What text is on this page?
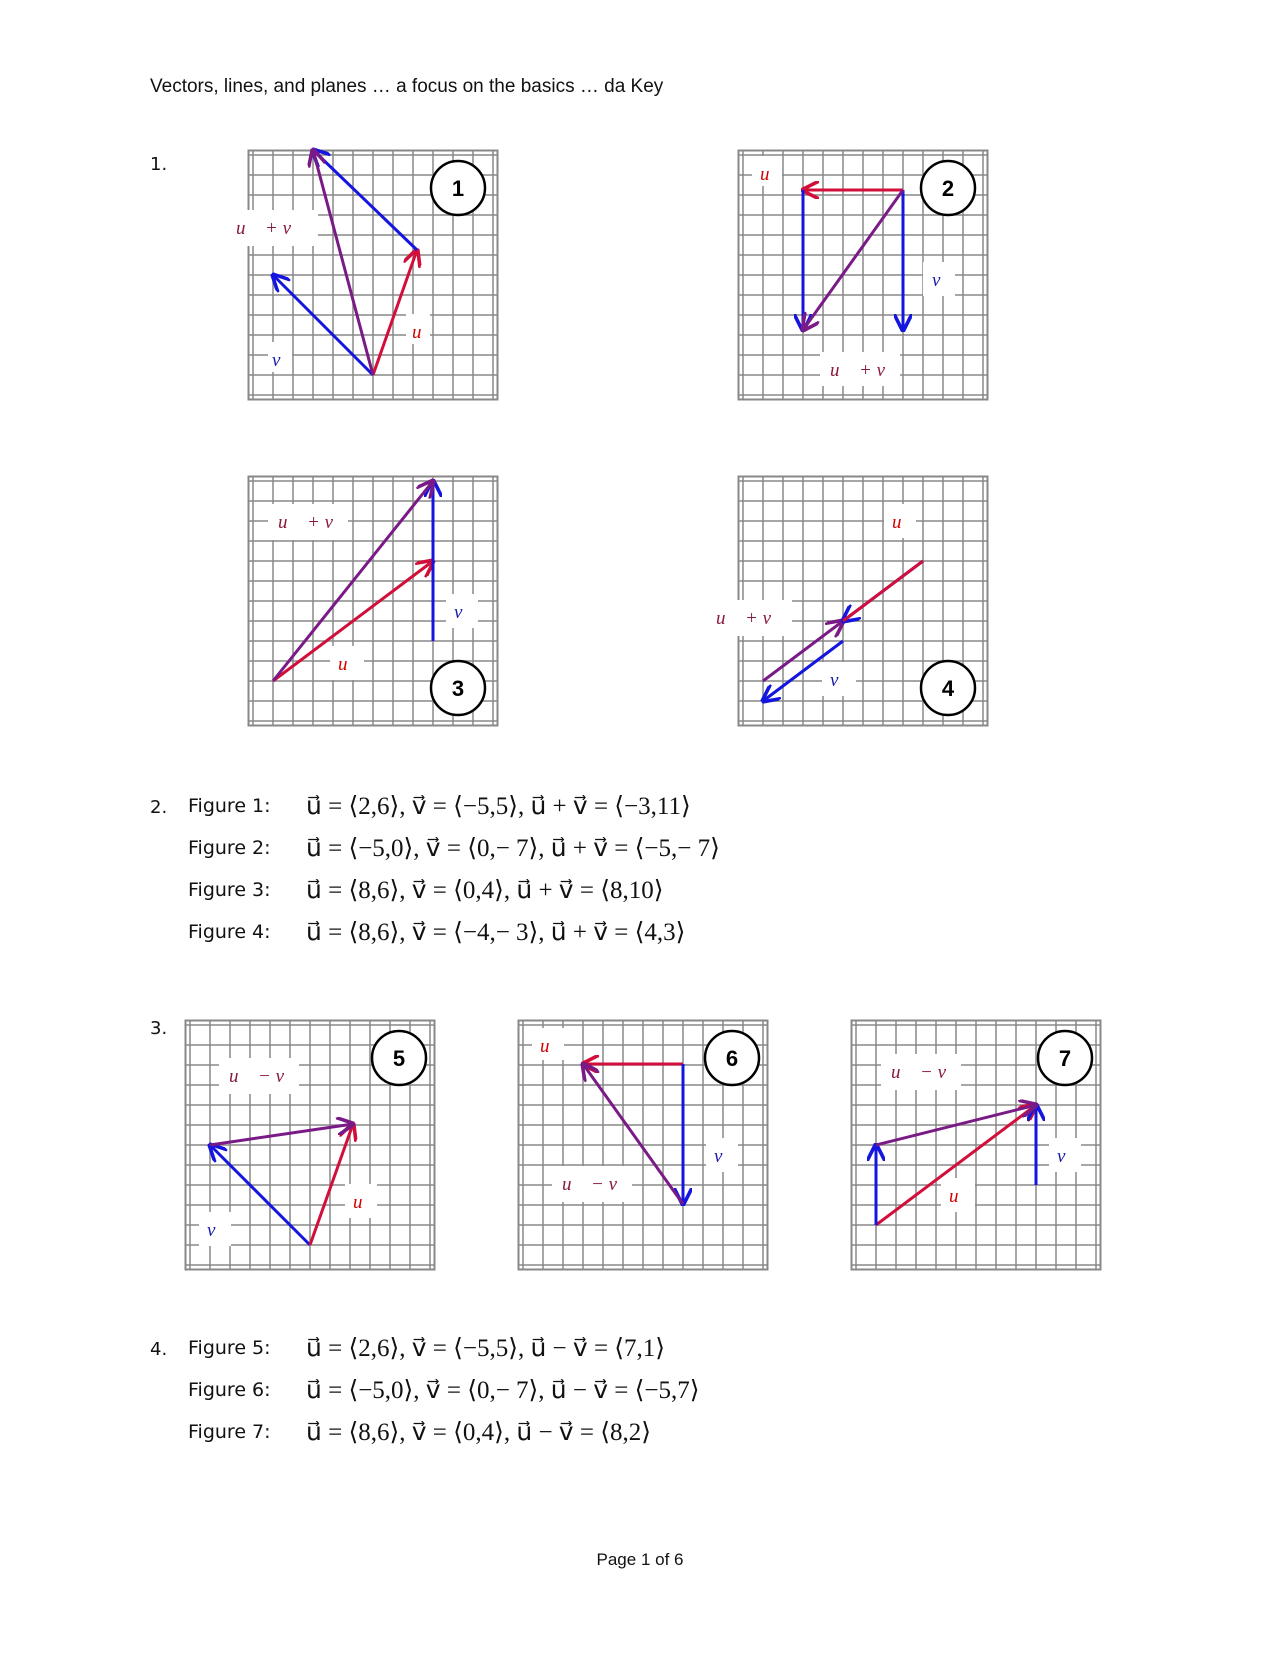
Vectors, lines, and planes … a focus on the basics … da Key
1.
u⃗ + v⃗
u⃗
v⃗
1
u⃗
v⃗
u⃗ + v⃗
2
u⃗ + v⃗
v⃗
u⃗
3
u⃗
u⃗ + v⃗
v⃗	4
2. Figure 1:	u⃗ = ⟨2,6⟩, v⃗ = ⟨−5,5⟩, u⃗ + v⃗ = ⟨−3,11⟩
Figure 2:	u⃗ = ⟨−5,0⟩, v⃗ = ⟨0,− 7⟩, u⃗ + v⃗ = ⟨−5,− 7⟩
Figure 3:	u⃗ = ⟨8,6⟩, v⃗ = ⟨0,4⟩, u⃗ + v⃗ = ⟨8,10⟩
Figure 4:	u⃗ = ⟨8,6⟩, v⃗ = ⟨−4,− 3⟩, u⃗ + v⃗ = ⟨4,3⟩
3.
u⃗ − v⃗
u⃗
v⃗
5	u⃗
v⃗
u⃗ − v⃗
6
u⃗ − v⃗
v⃗
u⃗
7
4. Figure 5:	u⃗ = ⟨2,6⟩, v⃗ = ⟨−5,5⟩, u⃗ − v⃗ = ⟨7,1⟩
Figure 6:	u⃗ = ⟨−5,0⟩, v⃗ = ⟨0,− 7⟩, u⃗ − v⃗ = ⟨−5,7⟩
Figure 7:	u⃗ = ⟨8,6⟩, v⃗ = ⟨0,4⟩, u⃗ − v⃗ = ⟨8,2⟩
Page 1 of 6
